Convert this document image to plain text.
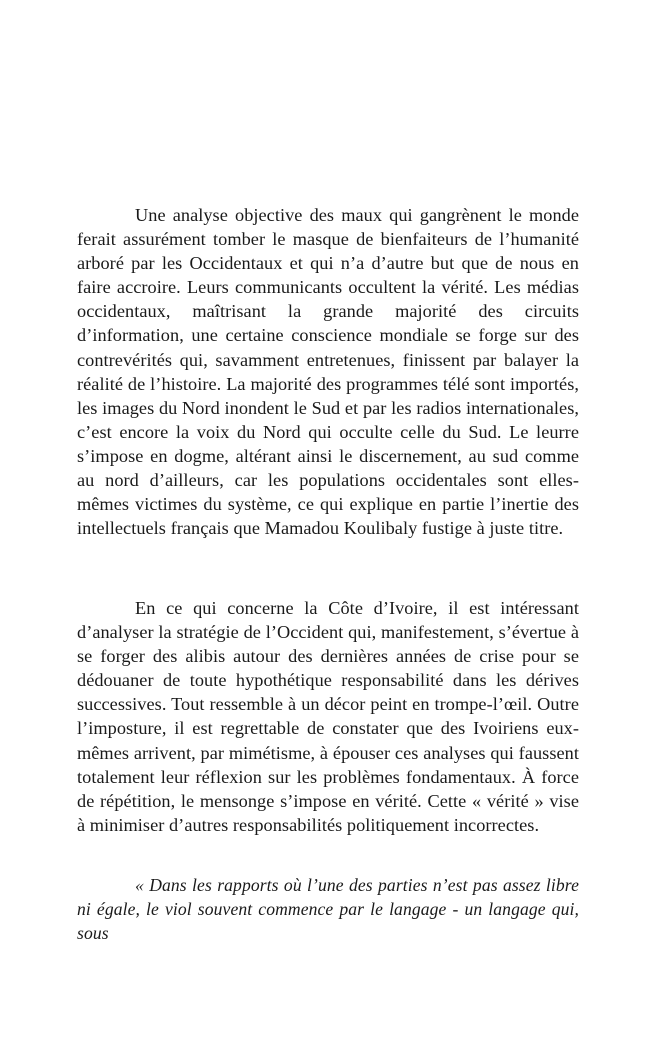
Une analyse objective des maux qui gangrènent le monde ferait assurément tomber le masque de bienfaiteurs de l’humanité arboré par les Occidentaux et qui n’a d’autre but que de nous en faire accroire. Leurs communicants occultent la vérité. Les médias occidentaux, maîtrisant la grande majorité des circuits d’information, une certaine conscience mondiale se forge sur des contrevérités qui, savamment entretenues, finissent par balayer la réalité de l’histoire. La majorité des programmes télé sont importés, les images du Nord inondent le Sud et par les radios internationales, c’est encore la voix du Nord qui occulte celle du Sud. Le leurre s’impose en dogme, altérant ainsi le discernement, au sud comme au nord d’ailleurs, car les populations occidentales sont elles-mêmes victimes du système, ce qui explique en partie l’inertie des intellectuels français que Mamadou Koulibaly fustige à juste titre.

En ce qui concerne la Côte d’Ivoire, il est intéressant d’analyser la stratégie de l’Occident qui, manifestement, s’évertue à se forger des alibis autour des dernières années de crise pour se dédouaner de toute hypothétique responsabilité dans les dérives successives. Tout ressemble à un décor peint en trompe-l’œil. Outre l’imposture, il est regrettable de constater que des Ivoiriens eux-mêmes arrivent, par mimétisme, à épouser ces analyses qui faussent totalement leur réflexion sur les problèmes fondamentaux. À force de répétition, le mensonge s’impose en vérité. Cette « vérité » vise à minimiser d’autres responsabilités politiquement incorrectes.

« Dans les rapports où l’une des parties n’est pas assez libre ni égale, le viol souvent commence par le langage - un langage qui, sous
